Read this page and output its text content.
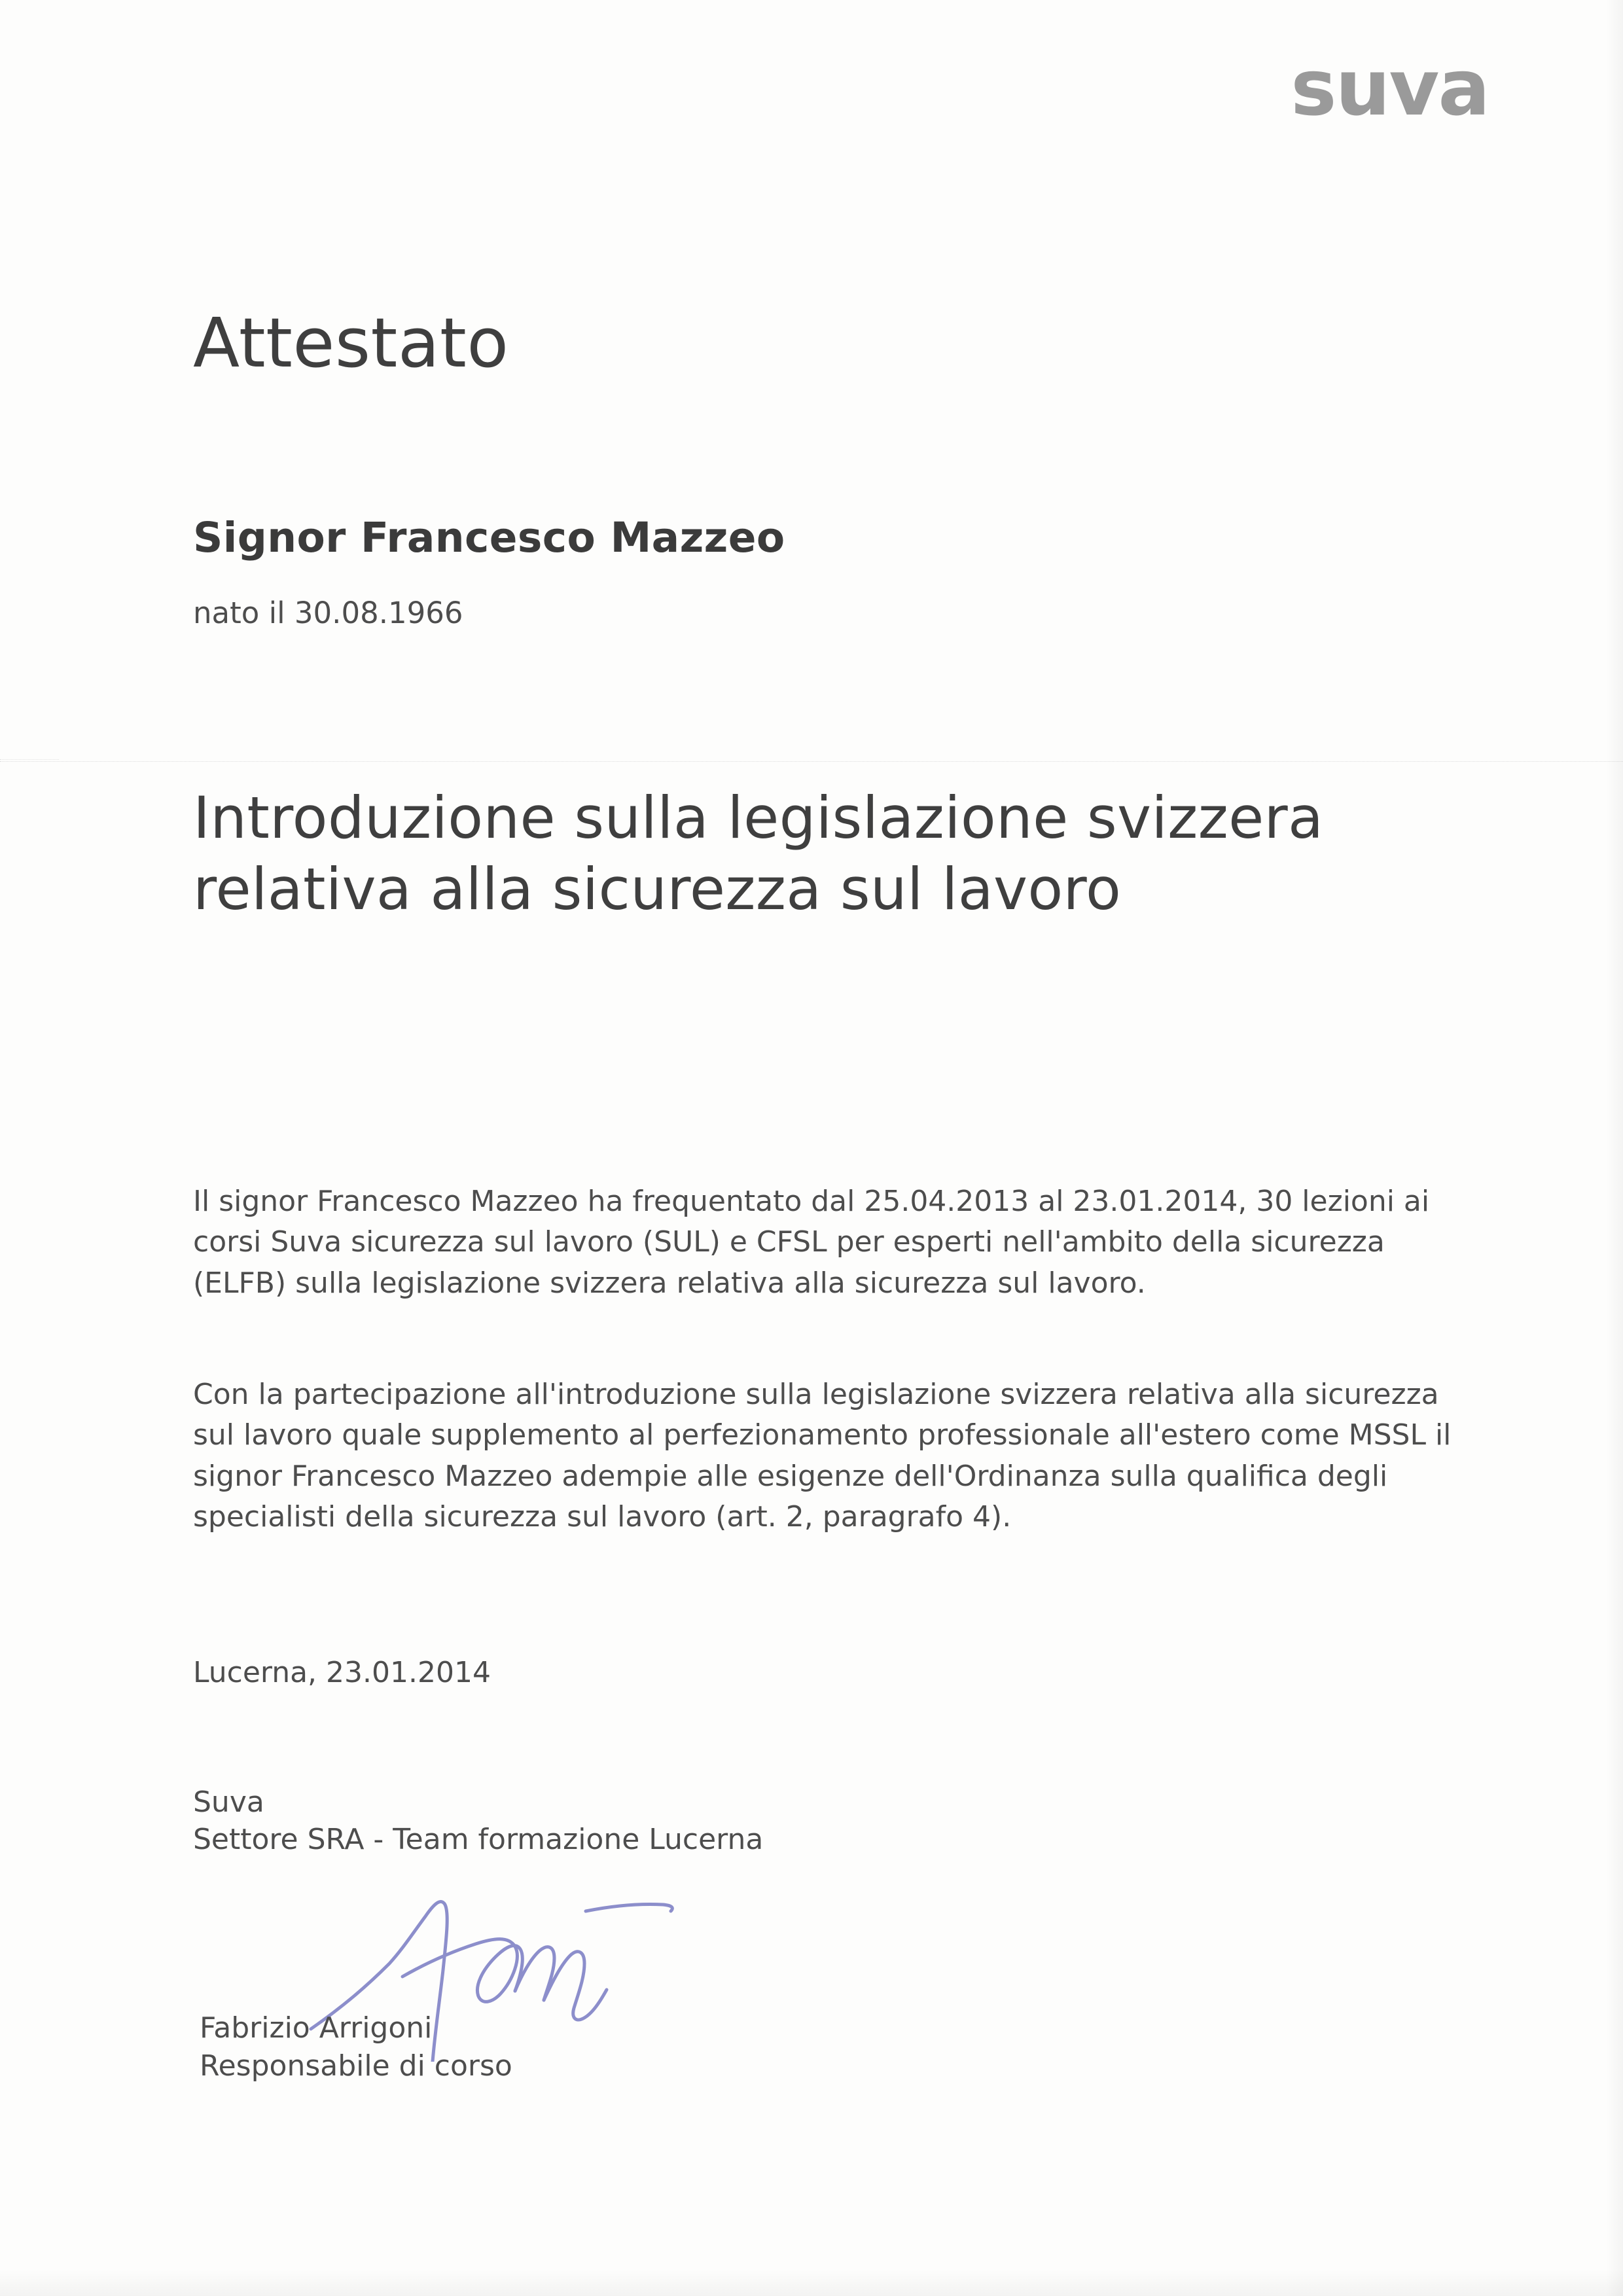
suva
Attestato
Signor Francesco Mazzeo
nato il 30.08.1966
Introduzione sulla legislazione svizzera relativa alla sicurezza sul lavoro
Il signor Francesco Mazzeo ha frequentato dal 25.04.2013 al 23.01.2014, 30 lezioni ai corsi Suva sicurezza sul lavoro (SUL) e CFSL per esperti nell'ambito della sicurezza (ELFB) sulla legislazione svizzera relativa alla sicurezza sul lavoro.
Con la partecipazione all'introduzione sulla legislazione svizzera relativa alla sicurezza sul lavoro quale supplemento al perfezionamento professionale all'estero come MSSL il signor Francesco Mazzeo adempie alle esigenze dell'Ordinanza sulla qualifica degli specialisti della sicurezza sul lavoro (art. 2, paragrafo 4).
Lucerna, 23.01.2014
Suva
Settore SRA - Team formazione Lucerna
Fabrizio Arrigoni
Responsabile di corso
